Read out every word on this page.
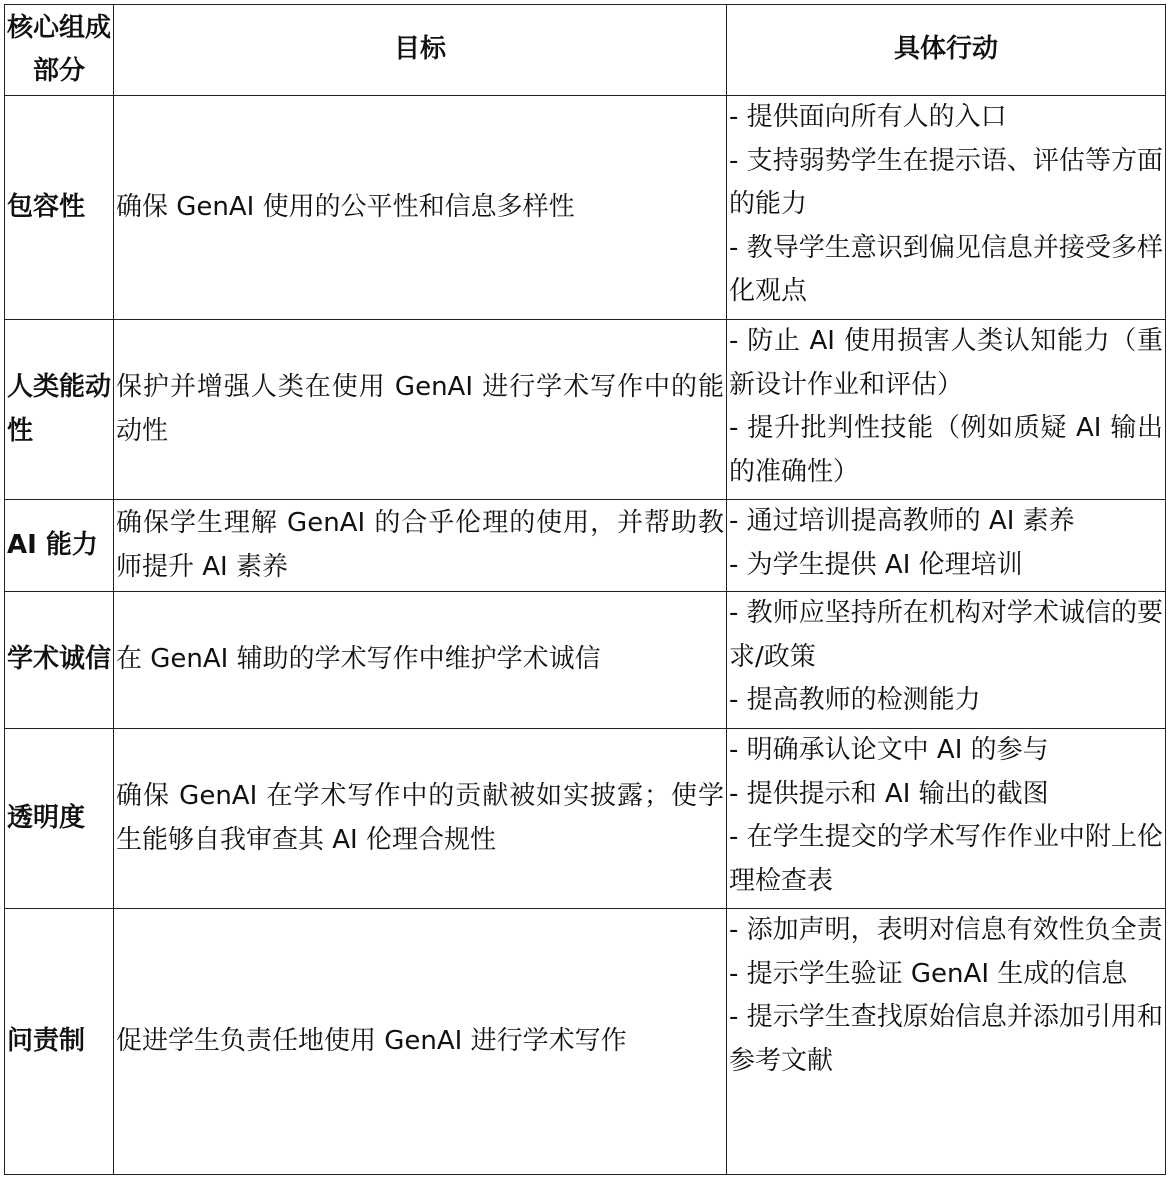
核心组成部分	目标	具体行动
包容性	确保 GenAI 使用的公平性和信息多样性	- 提供面向所有人的入口
- 支持弱势学生在提示语、评估等方面的能力
- 教导学生意识到偏见信息并接受多样化观点

人类能动性	保护并增强人类在使用 GenAI 进行学术写作中的能动性	- 防止 AI 使用损害人类认知能力（重新设计作业和评估）
- 提升批判性技能（例如质疑 AI 输出的准确性）

AI 能力	确保学生理解 GenAI 的合乎伦理的使用，并帮助教师提升 AI 素养	- 通过培训提高教师的 AI 素养
- 为学生提供 AI 伦理培训

学术诚信	在 GenAI 辅助的学术写作中维护学术诚信	- 教师应坚持所在机构对学术诚信的要求/政策
- 提高教师的检测能力

透明度	确保 GenAI 在学术写作中的贡献被如实披露；使学生能够自我审查其 AI 伦理合规性	- 明确承认论文中 AI 的参与
- 提供提示和 AI 输出的截图
- 在学生提交的学术写作作业中附上伦理检查表

问责制	促进学生负责任地使用 GenAI 进行学术写作	- 添加声明，表明对信息有效性负全责
- 提示学生验证 GenAI 生成的信息
- 提示学生查找原始信息并添加引用和参考文献
